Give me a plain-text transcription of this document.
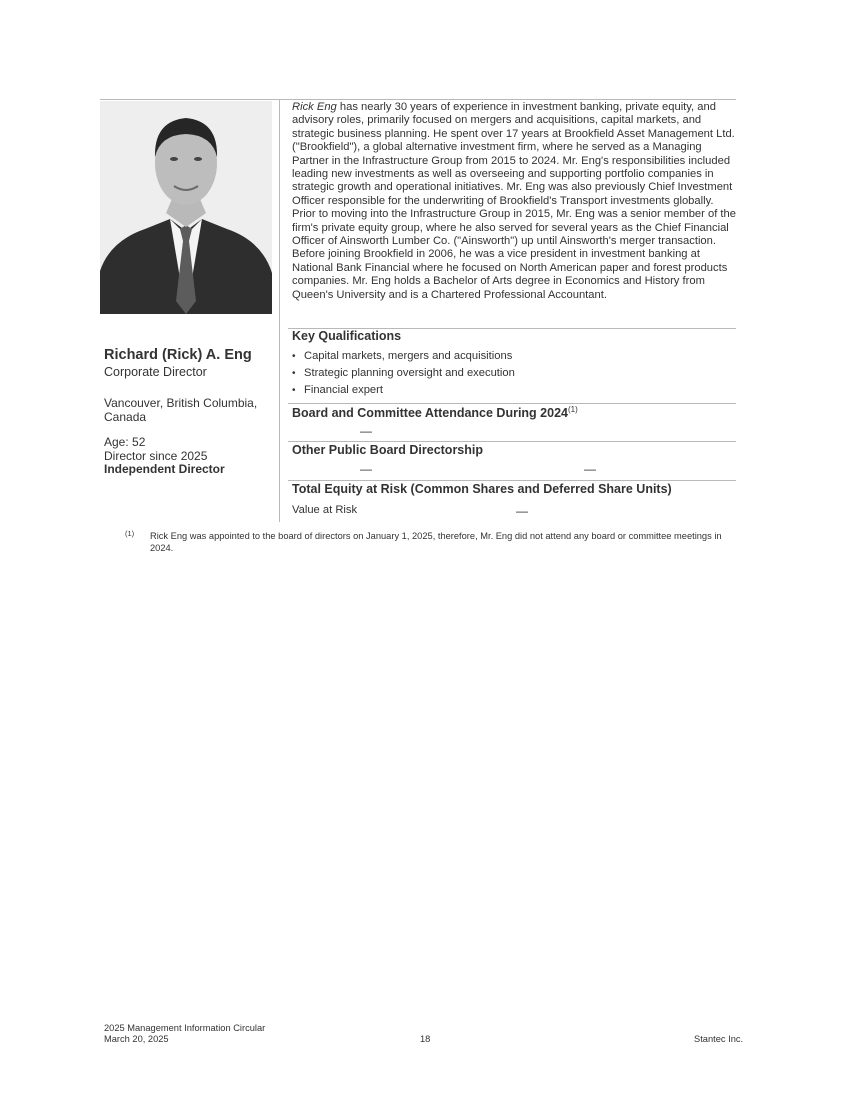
Richard (Rick) A. Eng
Corporate Director
Vancouver, British Columbia, Canada
Age: 52
Director since 2025
Independent Director

Rick Eng has nearly 30 years of experience in investment banking, private equity, and advisory roles, primarily focused on mergers and acquisitions, capital markets, and strategic business planning. He spent over 17 years at Brookfield Asset Management Ltd. ("Brookfield"), a global alternative investment firm, where he served as a Managing Partner in the Infrastructure Group from 2015 to 2024. Mr. Eng's responsibilities included leading new investments as well as overseeing and supporting portfolio companies in strategic growth and operational initiatives. Mr. Eng was also previously Chief Investment Officer responsible for the underwriting of Brookfield's Transport investments globally. Prior to moving into the Infrastructure Group in 2015, Mr. Eng was a senior member of the firm's private equity group, where he also served for several years as the Chief Financial Officer of Ainsworth Lumber Co. ("Ainsworth") up until Ainsworth's merger transaction. Before joining Brookfield in 2006, he was a vice president in investment banking at National Bank Financial where he focused on North American paper and forest products companies. Mr. Eng holds a Bachelor of Arts degree in Economics and History from Queen's University and is a Chartered Professional Accountant.

Key Qualifications
• Capital markets, mergers and acquisitions
• Strategic planning oversight and execution
• Financial expert
Board and Committee Attendance During 2024$^{(1)}$
—
Other Public Board Directorship
—	—
Total Equity at Risk (Common Shares and Deferred Share Units)
Value at Risk	—
(1) Rick Eng was appointed to the board of directors on January 1, 2025, therefore, Mr. Eng did not attend any board or committee meetings in 2024.
2025 Management Information Circular
March 20, 2025	18	Stantec Inc.
